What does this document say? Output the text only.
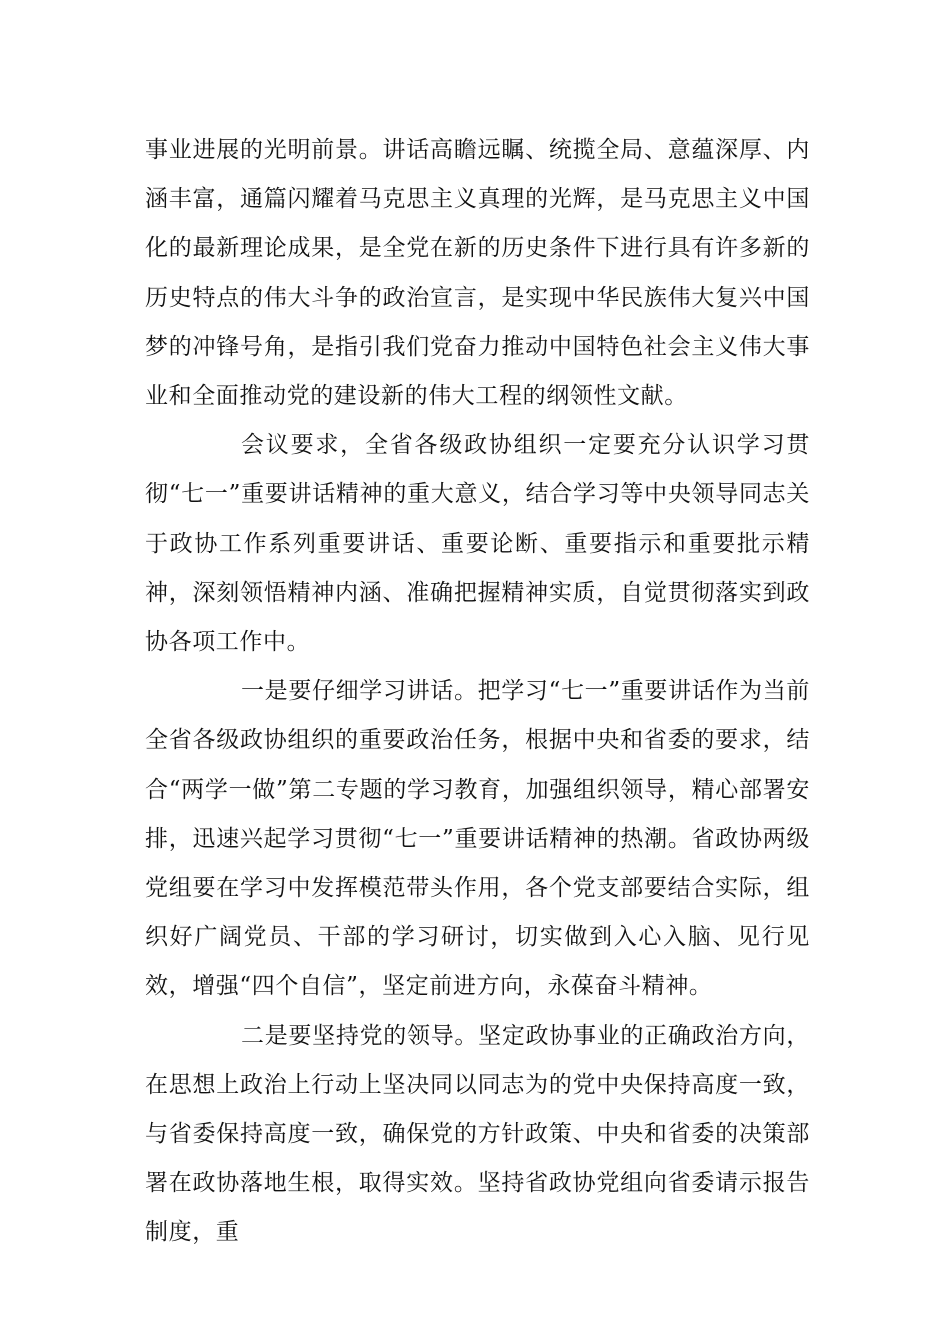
事业进展的光明前景。讲话高瞻远瞩、统揽全局、意蕴深厚、内涵丰富，通篇闪耀着马克思主义真理的光辉，是马克思主义中国化的最新理论成果，是全党在新的历史条件下进行具有许多新的历史特点的伟大斗争的政治宣言，是实现中华民族伟大复兴中国梦的冲锋号角，是指引我们党奋力推动中国特色社会主义伟大事业和全面推动党的建设新的伟大工程的纲领性文献。

会议要求，全省各级政协组织一定要充分认识学习贯彻“七一”重要讲话精神的重大意义，结合学习等中央领导同志关于政协工作系列重要讲话、重要论断、重要指示和重要批示精神，深刻领悟精神内涵、准确把握精神实质，自觉贯彻落实到政协各项工作中。

一是要仔细学习讲话。把学习“七一”重要讲话作为当前全省各级政协组织的重要政治任务，根据中央和省委的要求，结合“两学一做”第二专题的学习教育，加强组织领导，精心部署安排，迅速兴起学习贯彻“七一”重要讲话精神的热潮。省政协两级党组要在学习中发挥模范带头作用，各个党支部要结合实际，组织好广阔党员、干部的学习研讨，切实做到入心入脑、见行见效，增强“四个自信”，坚定前进方向，永葆奋斗精神。

二是要坚持党的领导。坚定政协事业的正确政治方向，在思想上政治上行动上坚决同以同志为的党中央保持高度一致，与省委保持高度一致，确保党的方针政策、中央和省委的决策部署在政协落地生根，取得实效。坚持省政协党组向省委请示报告制度，重
